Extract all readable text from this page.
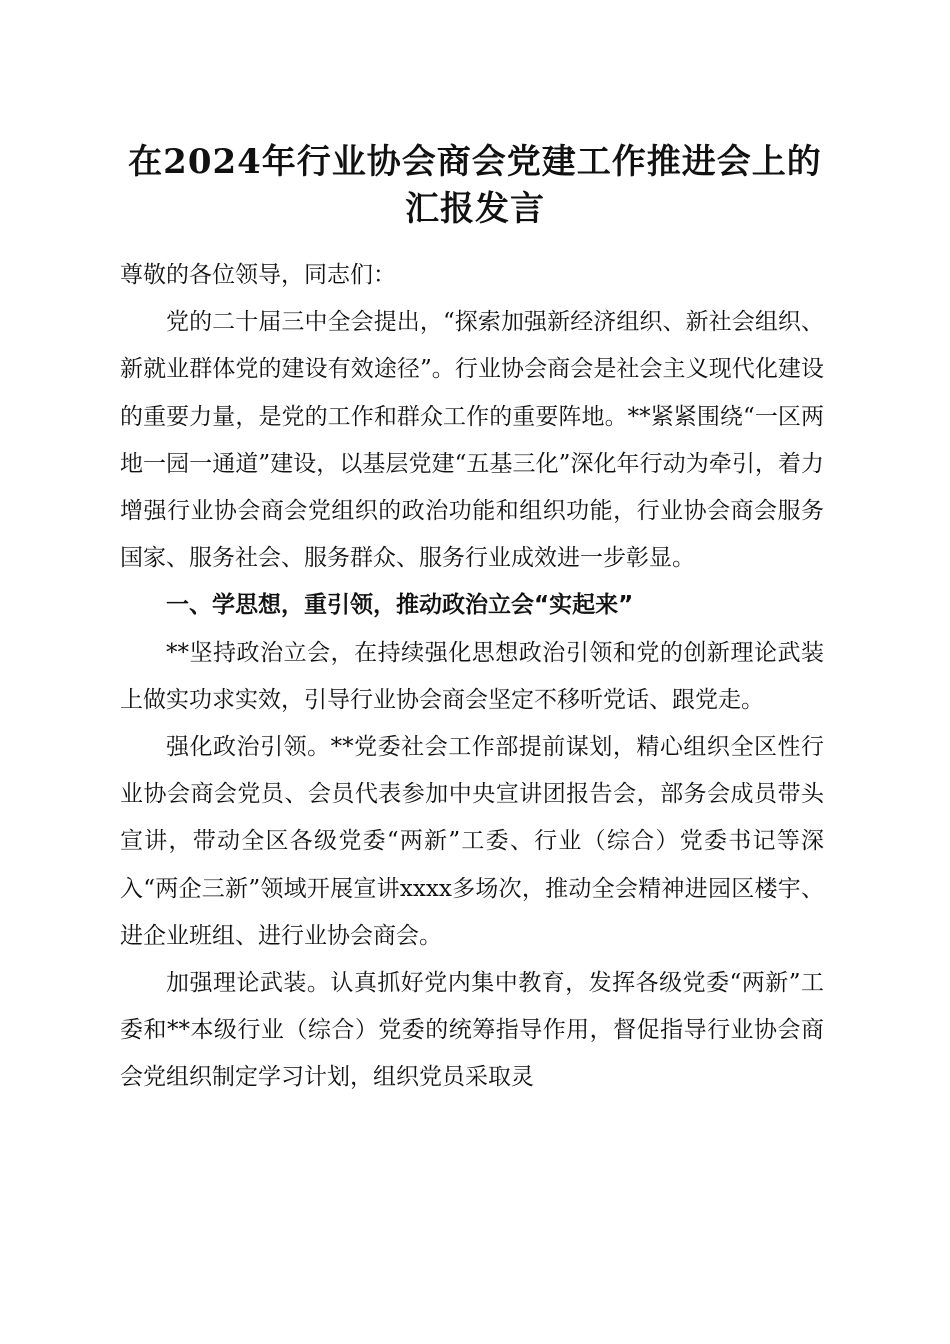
在2024年行业协会商会党建工作推进会上的
汇报发言

尊敬的各位领导，同志们：

党的二十届三中全会提出，“探索加强新经济组织、新社会组织、新就业群体党的建设有效途径”。行业协会商会是社会主义现代化建设的重要力量，是党的工作和群众工作的重要阵地。**紧紧围绕“一区两地一园一通道”建设，以基层党建“五基三化”深化年行动为牵引，着力增强行业协会商会党组织的政治功能和组织功能，行业协会商会服务国家、服务社会、服务群众、服务行业成效进一步彰显。

一、学思想，重引领，推动政治立会“实起来”

**坚持政治立会，在持续强化思想政治引领和党的创新理论武装上做实功求实效，引导行业协会商会坚定不移听党话、跟党走。

强化政治引领。**党委社会工作部提前谋划，精心组织全区性行业协会商会党员、会员代表参加中央宣讲团报告会，部务会成员带头宣讲，带动全区各级党委“两新”工委、行业（综合）党委书记等深入“两企三新”领域开展宣讲xxxx多场次，推动全会精神进园区楼宇、进企业班组、进行业协会商会。

加强理论武装。认真抓好党内集中教育，发挥各级党委“两新”工委和**本级行业（综合）党委的统筹指导作用，督促指导行业协会商会党组织制定学习计划，组织党员采取灵
